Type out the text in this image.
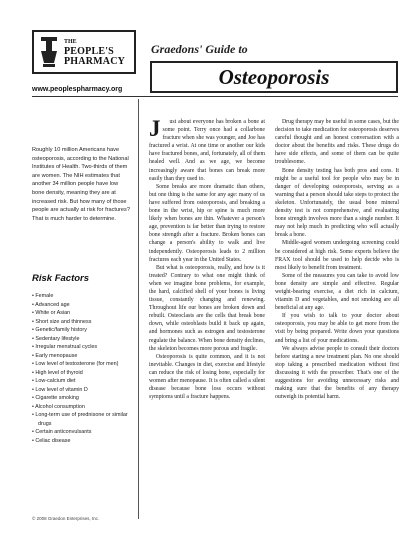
THE
PEOPLE'S
PHARMACY
Graedons' Guide to
Osteoporosis
www.peoplespharmacy.org
Roughly 10 million Americans have osteoporosis, according to the National Institutes of Health. Two-thirds of them are women. The NIH estimates that another 34 million people have low bone density, meaning they are at increased risk. But how many of those people are actually at risk for fractures? That is much harder to determine.
Risk Factors
• Female
• Advanced age
• White or Asian
• Short size and thinness
• Genetic/family history
• Sedentary lifestyle
• Irregular menstrual cycles
• Early menopause
• Low level of testosterone (for men)
• High level of thyroid
• Low-calcium diet
• Low level of vitamin D
• Cigarette smoking
• Alcohol consumption
• Long-term use of prednisone or similar drugs
• Certain anticonvulsants
• Celiac disease
© 2008 Graedon Enterprises, Inc.

J ust about everyone has broken a bone at some point. Terry once had a collarbone fracture when she was younger, and Joe has fractured a wrist. At one time or another our kids have fractured bones, and, fortunately, all of them healed well. And as we age, we become increasingly aware that bones can break more easily than they used to.

Some breaks are more dramatic than others, but one thing is the same for any age: many of us have suffered from osteoporosis, and breaking a bone in the wrist, hip or spine is much more likely when bones are thin. Whatever a person's age, prevention is far better than trying to restore bone strength after a fracture. Broken bones can change a person's ability to walk and live independently. Osteoporosis leads to 2 million fractures each year in the United States.

But what is osteoporosis, really, and how is it treated? Contrary to what one might think of when we imagine bone problems, for example, the hard, calcified shell of your bones is living tissue, constantly changing and renewing. Throughout life our bones are broken down and rebuilt. Osteoclasts are the cells that break bone down, while osteoblasts build it back up again, and hormones such as estrogen and testosterone regulate the balance. When bone density declines, the skeleton becomes more porous and fragile.

Osteoporosis is quite common, and it is not inevitable. Changes in diet, exercise and lifestyle can reduce the risk of losing bone, especially for women after menopause. It is often called a silent disease because bone loss occurs without symptoms until a fracture happens.

Drug therapy may be useful in some cases, but the decision to take medication for osteoporosis deserves careful thought and an honest conversation with a doctor about the benefits and risks. These drugs do have side effects, and some of them can be quite troublesome.

Bone density testing has both pros and cons. It might be a useful tool for people who may be in danger of developing osteoporosis, serving as a warning that a person should take steps to protect the skeleton. Unfortunately, the usual bone mineral density test is not comprehensive, and evaluating bone strength involves more than a single number. It may not help much in predicting who will actually break a bone.

Middle-aged women undergoing screening could be considered at high risk. Some experts believe the FRAX tool should be used to help decide who is most likely to benefit from treatment.

Some of the measures you can take to avoid low bone density are simple and effective. Regular weight-bearing exercise, a diet rich in calcium, vitamin D and vegetables, and not smoking are all beneficial at any age.

If you wish to talk to your doctor about osteoporosis, you may be able to get more from the visit by being prepared. Write down your questions and bring a list of your medications.

We always advise people to consult their doctors before starting a new treatment plan. No one should stop taking a prescribed medication without first discussing it with the prescriber. That's one of the suggestions for avoiding unnecessary risks and making sure that the benefits of any therapy outweigh its potential harm.
